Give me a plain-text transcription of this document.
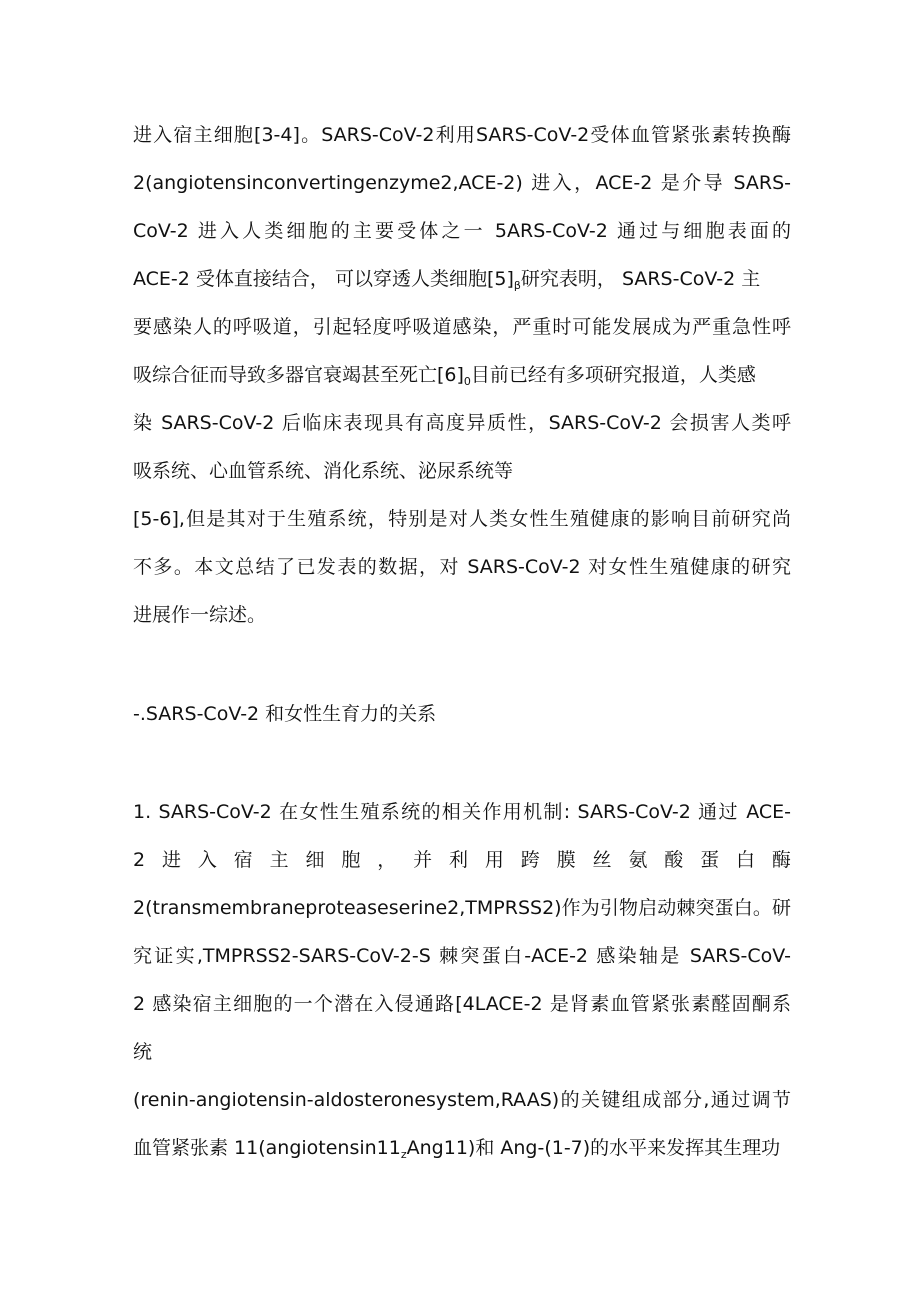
进入宿主细胞[3-4]。SARS-CoV-2利用SARS-CoV-2受体血管紧张素转换酶
2(angiotensinconvertingenzyme2,ACE-2) 进入，ACE-2 是介导 SARS-
CoV-2 进入人类细胞的主要受体之一 5ARS-CoV-2 通过与细胞表面的
ACE-2 受体直接结合， 可以穿透人类细胞$[5]_\beta$研究表明， SARS-CoV-2 主
要感染人的呼吸道，引起轻度呼吸道感染，严重时可能发展成为严重急性呼
吸综合征而导致多器官衰竭甚至死亡$[6]_0$目前已经有多项研究报道，人类感
染 SARS-CoV-2 后临床表现具有高度异质性，SARS-CoV-2 会损害人类呼
吸系统、心血管系统、消化系统、泌尿系统等
[5-6],但是其对于生殖系统，特别是对人类女性生殖健康的影响目前研究尚
不多。本文总结了已发表的数据，对 SARS-CoV-2 对女性生殖健康的研究
进展作一综述。
-.SARS-CoV-2 和女性生育力的关系
1. SARS-CoV-2 在女性生殖系统的相关作用机制: SARS-CoV-2 通过 ACE-
2 进 入 宿 主 细 胞 ， 并 利 用 跨 膜 丝 氨 酸 蛋 白 酶
2(transmembraneproteaseserine2,TMPRSS2)作为引物启动棘突蛋白。研
究证实,TMPRSS2-SARS-CoV-2-S 棘突蛋白-ACE-2 感染轴是 SARS-CoV-
2 感染宿主细胞的一个潜在入侵通路[4LACE-2 是肾素血管紧张素醛固酮系
统
(renin-angiotensin-aldosteronesystem,RAAS)的关键组成部分,通过调节
血管紧张素 $11(angiotensin11_zAng11)$和 Ang-(1-7)的水平来发挥其生理功
